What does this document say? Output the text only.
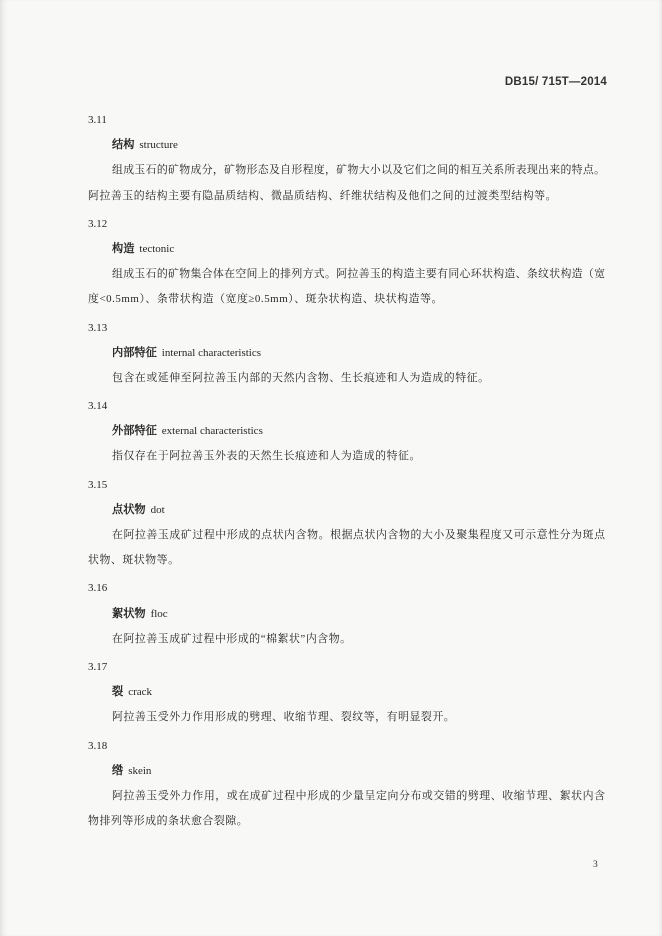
DB15/ 715T—2014
3.11
结构 structure
组成玉石的矿物成分，矿物形态及自形程度，矿物大小以及它们之间的相互关系所表现出来的特点。
阿拉善玉的结构主要有隐晶质结构、微晶质结构、纤维状结构及他们之间的过渡类型结构等。
3.12
构造 tectonic
组成玉石的矿物集合体在空间上的排列方式。阿拉善玉的构造主要有同心环状构造、条纹状构造（宽
度<0.5mm）、条带状构造（宽度≥0.5mm）、斑杂状构造、块状构造等。
3.13
内部特征 internal characteristics
包含在或延伸至阿拉善玉内部的天然内含物、生长痕迹和人为造成的特征。
3.14
外部特征 external characteristics
指仅存在于阿拉善玉外表的天然生长痕迹和人为造成的特征。
3.15
点状物 dot
在阿拉善玉成矿过程中形成的点状内含物。根据点状内含物的大小及聚集程度又可示意性分为斑点
状物、斑状物等。
3.16
絮状物 floc
在阿拉善玉成矿过程中形成的“棉絮状”内含物。
3.17
裂 crack
阿拉善玉受外力作用形成的劈理、收缩节理、裂纹等，有明显裂开。
3.18
绺 skein
阿拉善玉受外力作用，或在成矿过程中形成的少量呈定向分布或交错的劈理、收缩节理、絮状内含
物排列等形成的条状愈合裂隙。
3
